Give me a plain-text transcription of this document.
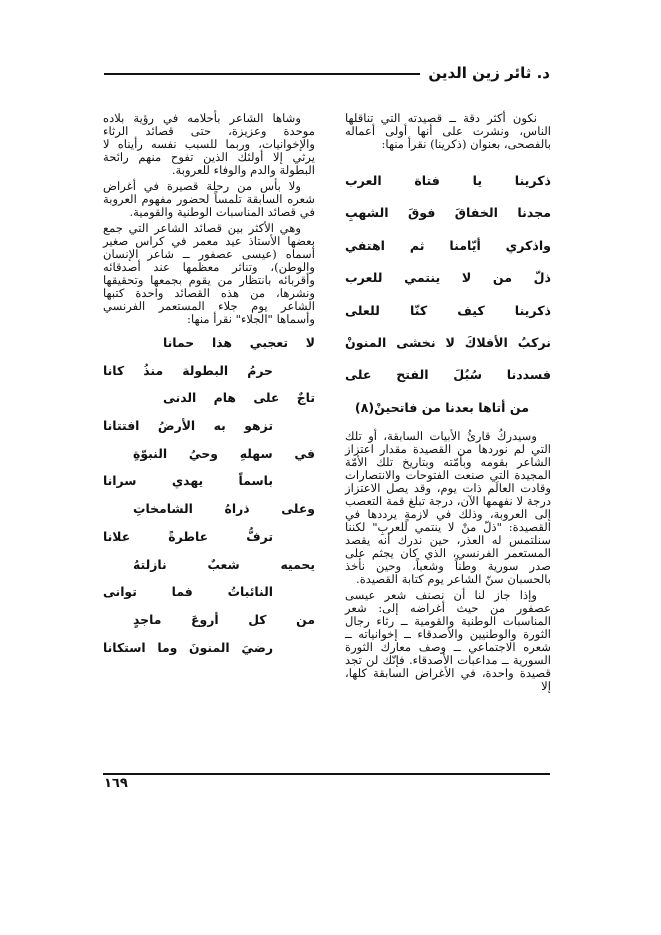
د. ثائر زين الدين

نكون أكثر دقة ــ قصيدته التي تناقلها الناس، ونشرت على أنها أولى أعماله بالفصحى، بعنوان (ذكرينا) نقرأ منها:

ذكرينا يا فتاة العرب
مجدنا الخفاقَ فوقَ الشهبِ
واذكري أيّامنا ثم اهتفي
ذلّ من لا ينتمي للعرب
ذكرينا كيف كنّا للعلى
نركبُ الأفلاكَ لا نخشى المنونْ
فسددنا سُبُلَ الفتح على
من أتاها بعدنا من فاتحينْ(٨)

وسيدركُ قارئُ الأبيات السابقة، أو تلك التي لم نوردها من القصيدة مقدار اعتزاز الشاعر بقومه وبأمّته وبتاريخ تلك الأمّة المجيدة التي صنعت الفتوحات والانتصارات وقادت العالَم ذات يوم، وقد يصل الاعتزاز درجة لا نفهمها الآن، درجة تبلغ قمة التعصب إلى العروبة، وذلك في لازمةٍ يرددها في القصيدة: "ذلّ منْ لا ينتمي للعربِ" لكننا سنلتمس له العذر، حين ندرك أنه يقصد المستعمر الفرنسي، الذي كان يجثم على صدر سورية وطناً وشعباً، وحين نأخذ بالحسبان سنّ الشاعر يوم كتابة القصيدة.

وإذا جاز لنا أن نصنف شعر عيسى عصفور من حيث أغراضه إلى: شعر المناسبات الوطنية والقومية ــ رثاء رجال الثورة والوطنيين والأصدقاء ــ إخوانياته ــ شعره الاجتماعي ــ وصف معارك الثورة السورية ــ مداعبات الأصدقاء. فإنّك لن تجد قصيدة واحدة، في الأغراض السابقة كلها، إلا

وشاها الشاعر بأحلامه في رؤية بلاده موحدة وعزيزة، حتى قصائد الرثاء والإخوانيات، وربما للسبب نفسه رأيناه لا يرثي إلا أولئك الذين تفوح منهم رائحة البطولة والدم والوفاء للعروبة.

ولا بأس من رحلة قصيرة في أغراض شعره السابقة تلمساً لحضور مفهوم العروبة في قصائد المناسبات الوطنية والقومية.

وهي الأكثر بين قصائد الشاعر التي جمع بعضها الأستاذ عيد معمر في كراس صغير أسماه (عيسى عصفور ــ شاعر الإنسان والوطن)، وتناثر معظمها عند أصدقائه وأقربائه بانتظار من يقوم بجمعها وتحقيقها ونشرها، من هذه القصائد واحدة كتبها الشاعر يوم جلاء المستعمر الفرنسي وأسماها "الجلاء" نقرأ منها:

لا تعجبي هذا حمانا
حرمُ البطولة منذُ كانا
تاجٌ على هام الدنى
تزهو به الأرضُ افتتانا
في سهلهِ وحيُ النبوّةِ
باسماً يهدي سرانا
وعلى ذراهُ الشامخاتِ
ترفُّ عاطرةً علانا
يحميه شعبٌ نازلتهُ
النائباتُ فما توانى
من كل أروعَ ماجدٍ
رضيَ المنونَ وما استكانا
١٦٩
